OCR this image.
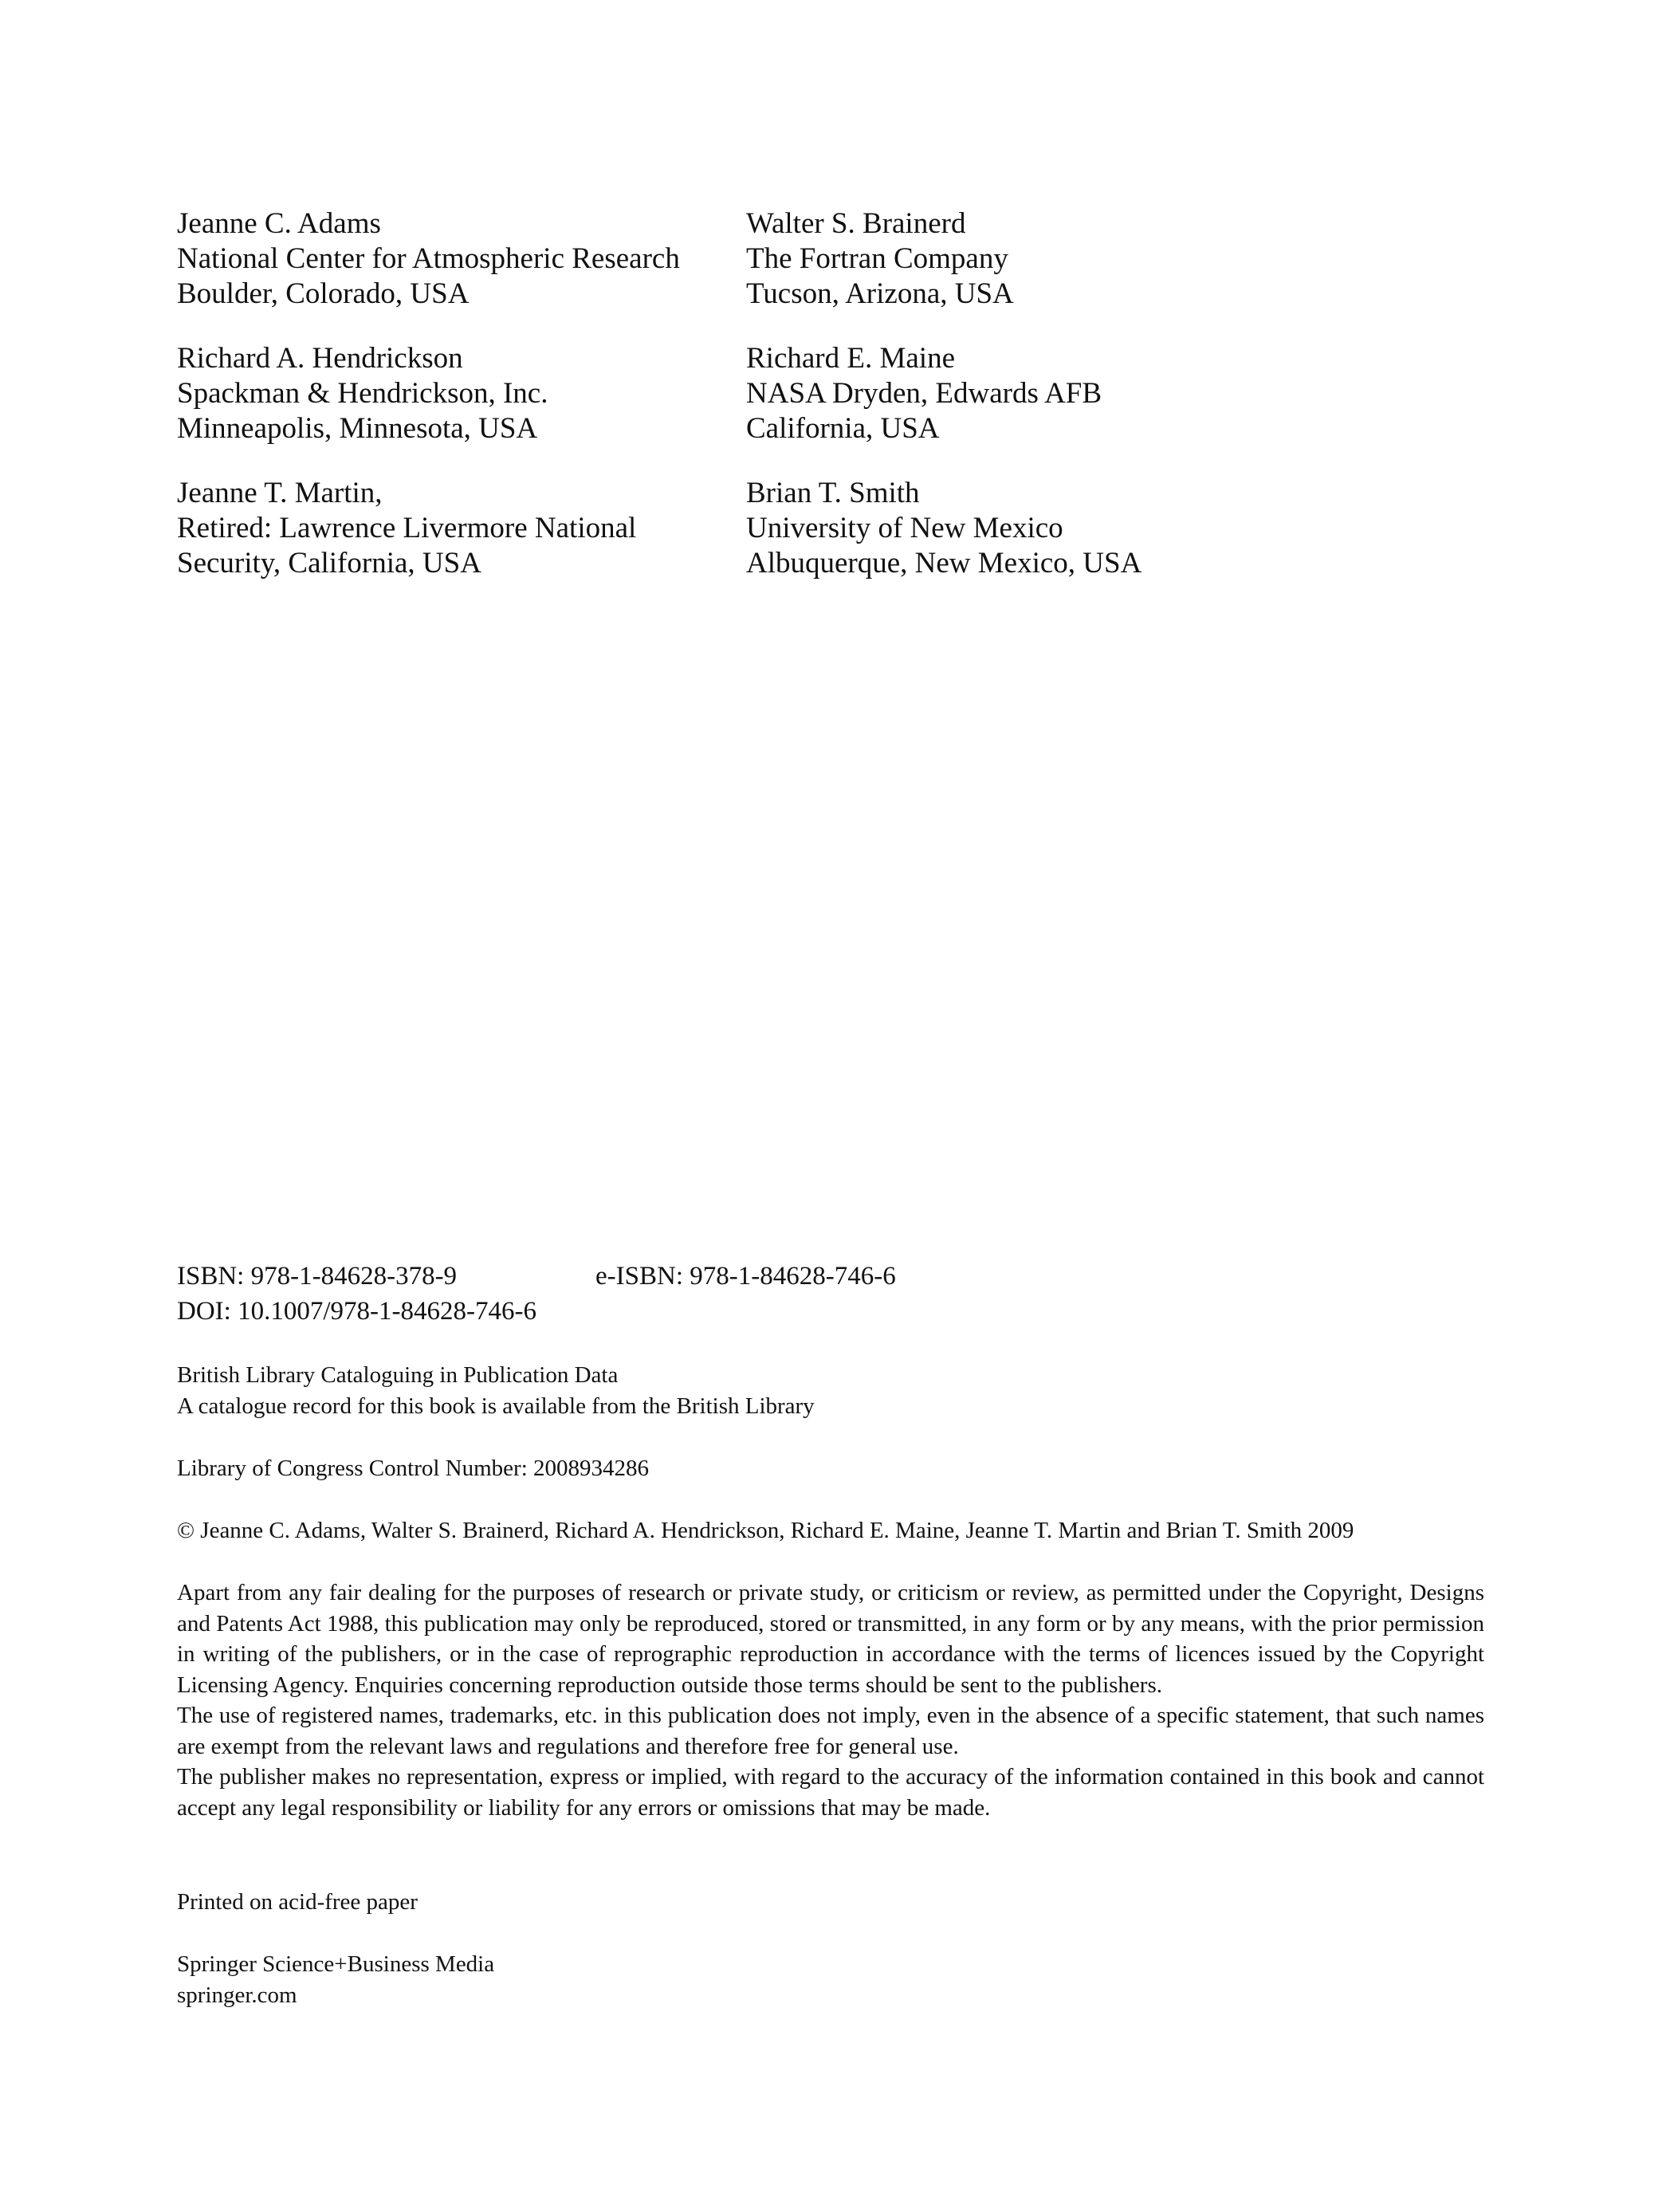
Jeanne C. Adams
National Center for Atmospheric Research
Boulder, Colorado, USA
Walter S. Brainerd
The Fortran Company
Tucson, Arizona, USA
Richard A. Hendrickson
Spackman & Hendrickson, Inc.
Minneapolis, Minnesota, USA
Richard E. Maine
NASA Dryden, Edwards AFB
California, USA
Jeanne T. Martin,
Retired: Lawrence Livermore National
Security, California, USA
Brian T. Smith
University of New Mexico
Albuquerque, New Mexico, USA
ISBN: 978-1-84628-378-9	e-ISBN: 978-1-84628-746-6
DOI: 10.1007/978-1-84628-746-6
British Library Cataloguing in Publication Data
A catalogue record for this book is available from the British Library
Library of Congress Control Number: 2008934286
© Jeanne C. Adams, Walter S. Brainerd, Richard A. Hendrickson, Richard E. Maine, Jeanne T. Martin and Brian T. Smith 2009

Apart from any fair dealing for the purposes of research or private study, or criticism or review, as permitted under the Copyright, Designs and Patents Act 1988, this publication may only be reproduced, stored or transmitted, in any form or by any means, with the prior permission in writing of the publishers, or in the case of reprographic reproduction in accordance with the terms of licences issued by the Copyright Licensing Agency. Enquiries concerning reproduction outside those terms should be sent to the publishers.

The use of registered names, trademarks, etc. in this publication does not imply, even in the absence of a specific statement, that such names are exempt from the relevant laws and regulations and therefore free for general use.

The publisher makes no representation, express or implied, with regard to the accuracy of the information contained in this book and cannot accept any legal responsibility or liability for any errors or omissions that may be made.

Printed on acid-free paper
Springer Science+Business Media
springer.com
